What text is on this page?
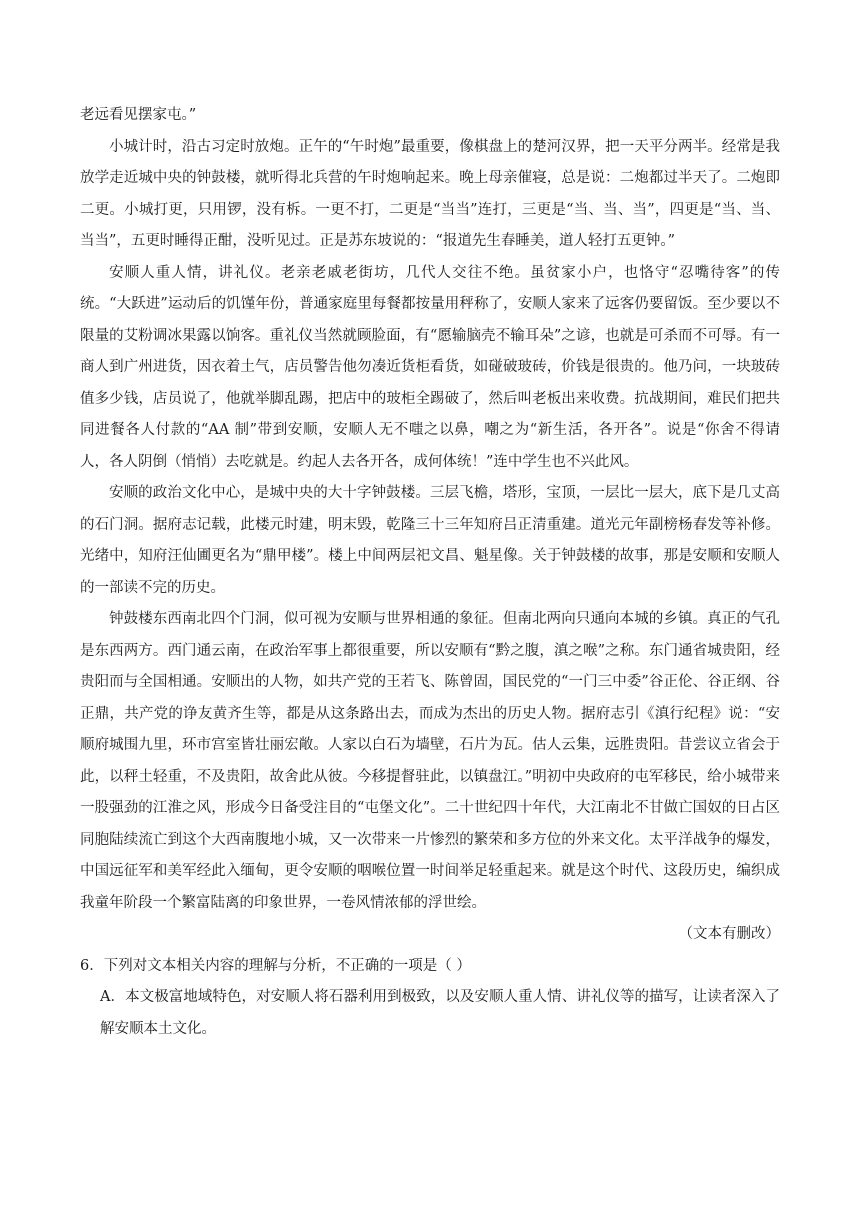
老远看见摆家屯。”

小城计时，沿古习定时放炮。正午的“午时炮”最重要，像棋盘上的楚河汉界，把一天平分两半。经常是我放学走近城中央的钟鼓楼，就听得北兵营的午时炮响起来。晚上母亲催寝，总是说：二炮都过半天了。二炮即二更。小城打更，只用锣，没有柝。一更不打，二更是“当当”连打，三更是“当、当、当”，四更是“当、当、当当”，五更时睡得正酣，没听见过。正是苏东坡说的：“报道先生春睡美，道人轻打五更钟。”

安顺人重人情，讲礼仪。老亲老戚老街坊，几代人交往不绝。虽贫家小户，也恪守“忍嘴待客”的传统。“大跃进”运动后的饥馑年份，普通家庭里每餐都按量用秤称了，安顺人家来了远客仍要留饭。至少要以不限量的艾粉调冰果露以饷客。重礼仪当然就顾脸面，有“愿输脑壳不输耳朵”之谚，也就是可杀而不可辱。有一商人到广州进货，因衣着土气，店员警告他勿凑近货柜看货，如碰破玻砖，价钱是很贵的。他乃问，一块玻砖值多少钱，店员说了，他就举脚乱踢，把店中的玻柜全踢破了，然后叫老板出来收费。抗战期间，难民们把共同进餐各人付款的“AA 制”带到安顺，安顺人无不嗤之以鼻，嘲之为“新生活，各开各”。说是“你舍不得请人，各人阴倒（悄悄）去吃就是。约起人去各开各，成何体统！”连中学生也不兴此风。

安顺的政治文化中心，是城中央的大十字钟鼓楼。三层飞檐，塔形，宝顶，一层比一层大，底下是几丈高的石门洞。据府志记载，此楼元时建，明末毁，乾隆三十三年知府吕正清重建。道光元年副榜杨春发等补修。光绪中，知府汪仙圃更名为“鼎甲楼”。楼上中间两层祀文昌、魁星像。关于钟鼓楼的故事，那是安顺和安顺人的一部读不完的历史。

钟鼓楼东西南北四个门洞，似可视为安顺与世界相通的象征。但南北两向只通向本城的乡镇。真正的气孔是东西两方。西门通云南，在政治军事上都很重要，所以安顺有“黔之腹，滇之喉”之称。东门通省城贵阳，经贵阳而与全国相通。安顺出的人物，如共产党的王若飞、陈曾固，国民党的“一门三中委”谷正伦、谷正纲、谷正鼎，共产党的诤友黄齐生等，都是从这条路出去，而成为杰出的历史人物。据府志引《滇行纪程》说：“安顺府城围九里，环市宫室皆壮丽宏敞。人家以白石为墙壁，石片为瓦。估人云集，远胜贵阳。昔尝议立省会于此，以秤土轻重，不及贵阳，故舍此从彼。今移提督驻此，以镇盘江。”明初中央政府的屯军移民，给小城带来一股强劲的江淮之风，形成今日备受注目的“屯堡文化”。二十世纪四十年代，大江南北不甘做亡国奴的日占区同胞陆续流亡到这个大西南腹地小城，又一次带来一片惨烈的繁荣和多方位的外来文化。太平洋战争的爆发，中国远征军和美军经此入缅甸，更令安顺的咽喉位置一时间举足轻重起来。就是这个时代、这段历史，编织成我童年阶段一个繁富陆离的印象世界，一卷风情浓郁的浮世绘。

（文本有删改）

6．下列对文本相关内容的理解与分析，不正确的一项是（ ）

A．本文极富地域特色，对安顺人将石器利用到极致，以及安顺人重人情、讲礼仪等的描写，让读者深入了解安顺本土文化。
